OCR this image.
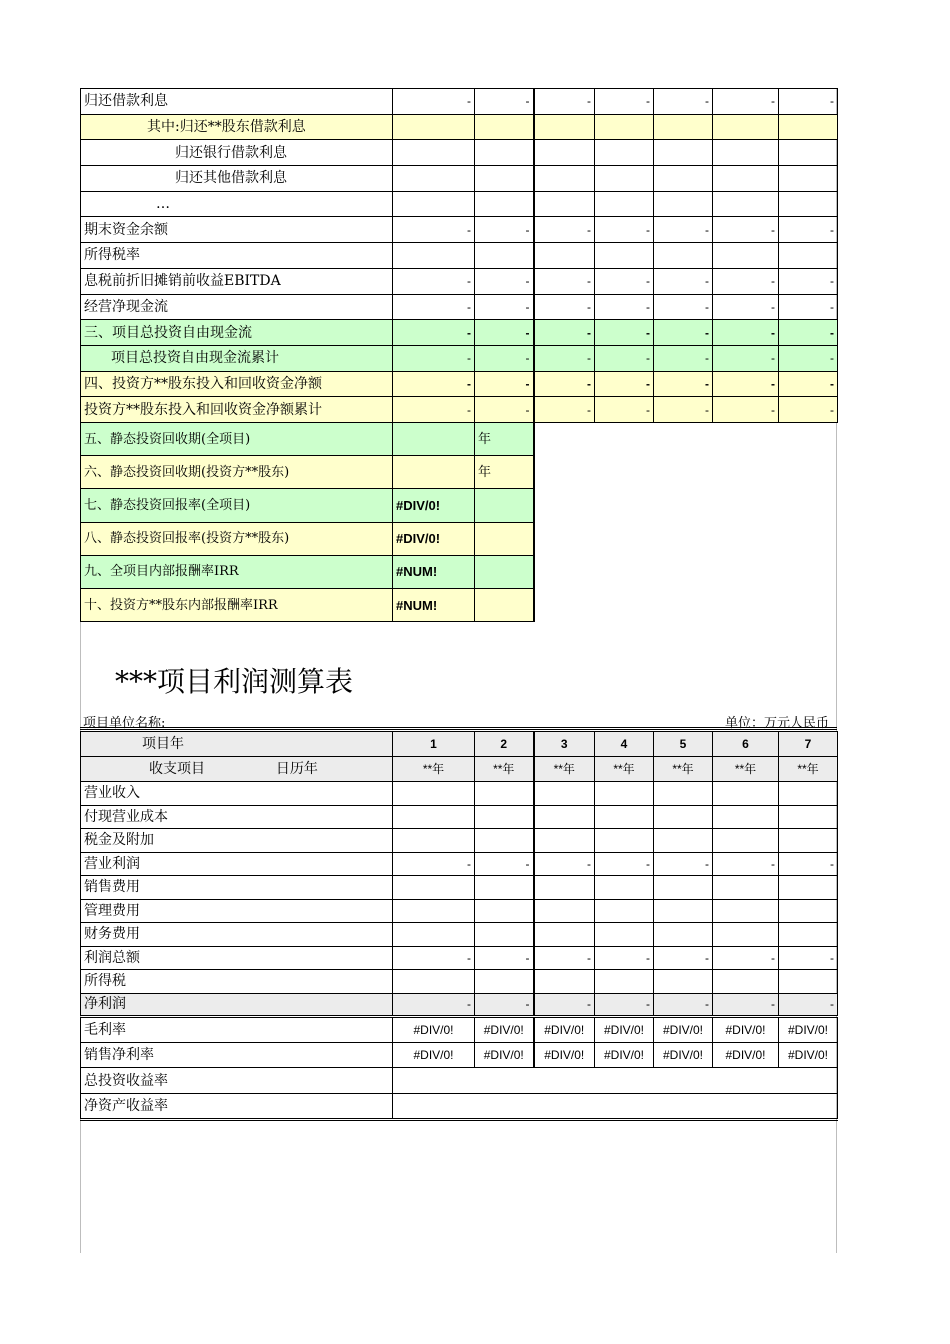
归还借款利息	-	-	-	-	-	-	-
其中:归还**股东借款利息							
归还银行借款利息							
归还其他借款利息							
…							
期末资金余额	-	-	-	-	-	-	-
所得税率							
息税前折旧摊销前收益EBITDA	-	-	-	-	-	-	-
经营净现金流	-	-	-	-	-	-	-
三、项目总投资自由现金流	-	-	-	-	-	-	-
项目总投资自由现金流累计	-	-	-	-	-	-	-
四、投资方**股东投入和回收资金净额	-	-	-	-	-	-	-
投资方**股东投入和回收资金净额累计	-	-	-	-	-	-	-
五、静态投资回收期(全项目)		年
六、静态投资回收期(投资方**股东)		年
七、静态投资回报率(全项目)	#DIV/0!	
八、静态投资回报率(投资方**股东)	#DIV/0!	
九、全项目内部报酬率IRR	#NUM!	
十、投资方**股东内部报酬率IRR	#NUM!	
***项目利润测算表
项目单位名称:	单位：万元人民币
项目年	1	2	3	4	5	6	7
收支项目 日历年	**年	**年	**年	**年	**年	**年	**年
营业收入							
付现营业成本							
税金及附加							
营业利润	-	-	-	-	-	-	-
销售费用							
管理费用							
财务费用							
利润总额	-	-	-	-	-	-	-
所得税							
净利润	-	-	-	-	-	-	-
毛利率	#DIV/0!	#DIV/0!	#DIV/0!	#DIV/0!	#DIV/0!	#DIV/0!	#DIV/0!
销售净利率	#DIV/0!	#DIV/0!	#DIV/0!	#DIV/0!	#DIV/0!	#DIV/0!	#DIV/0!
总投资收益率							
净资产收益率							
